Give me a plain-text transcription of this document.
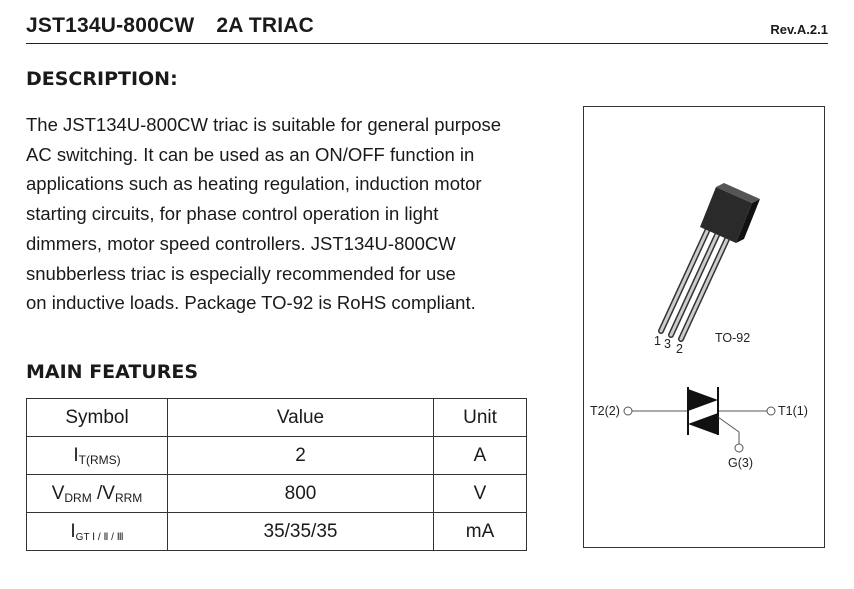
JST134U-800CW 2A TRIAC	Rev.A.2.1
DESCRIPTION:
The JST134U-800CW triac is suitable for general purpose
AC switching. It can be used as an ON/OFF function in
applications such as heating regulation, induction motor
starting circuits, for phase control operation in light
dimmers, motor speed controllers. JST134U-800CW
snubberless triac is especially recommended for use
on inductive loads. Package TO-92 is RoHS compliant.
MAIN FEATURES
Symbol	Value	Unit
$I_{T(RMS)}$	2	A
$V_{DRM}$ $/V_{RRM}$	800	V
$I_{GT Ⅰ / Ⅱ / Ⅲ}$	35/35/35	mA
1 3 2
TO-92
T2(2)	T1(1)
G(3)
